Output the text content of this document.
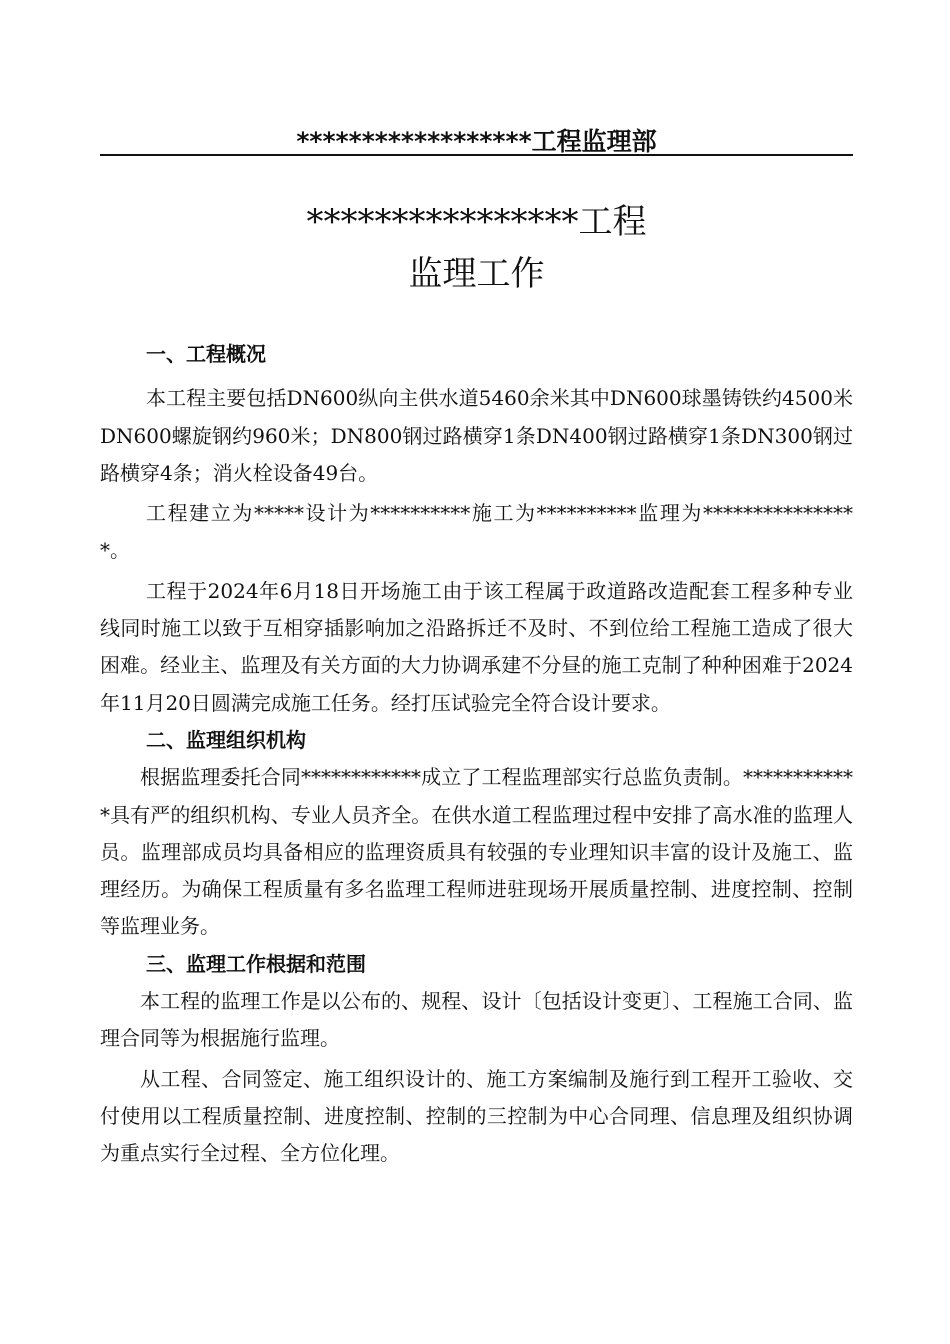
******************工程监理部
****************工程
监理工作
一、工程概况

本工程主要包括DN600纵向主供水道5460余米其中DN600球墨铸铁约4500米DN600螺旋钢约960米；DN800钢过路横穿1条DN400钢过路横穿1条DN300钢过路横穿4条；消火栓设备49台。

工程建立为*****设计为**********施工为**********监理为****************。

工程于2024年6月18日开场施工由于该工程属于政道路改造配套工程多种专业线同时施工以致于互相穿插影响加之沿路拆迁不及时、不到位给工程施工造成了很大困难。经业主、监理及有关方面的大力协调承建不分昼的施工克制了种种困难于2024年11月20日圆满完成施工任务。经打压试验完全符合设计要求。

二、监理组织机构

根据监理委托合同************成立了工程监理部实行总监负责制。************具有严的组织机构、专业人员齐全。在供水道工程监理过程中安排了高水准的监理人员。监理部成员均具备相应的监理资质具有较强的专业理知识丰富的设计及施工、监理经历。为确保工程质量有多名监理工程师进驻现场开展质量控制、进度控制、控制等监理业务。

三、监理工作根据和范围

本工程的监理工作是以公布的、规程、设计〔包括设计变更〕、工程施工合同、监理合同等为根据施行监理。

从工程、合同签定、施工组织设计的、施工方案编制及施行到工程开工验收、交付使用以工程质量控制、进度控制、控制的三控制为中心合同理、信息理及组织协调为重点实行全过程、全方位化理。
